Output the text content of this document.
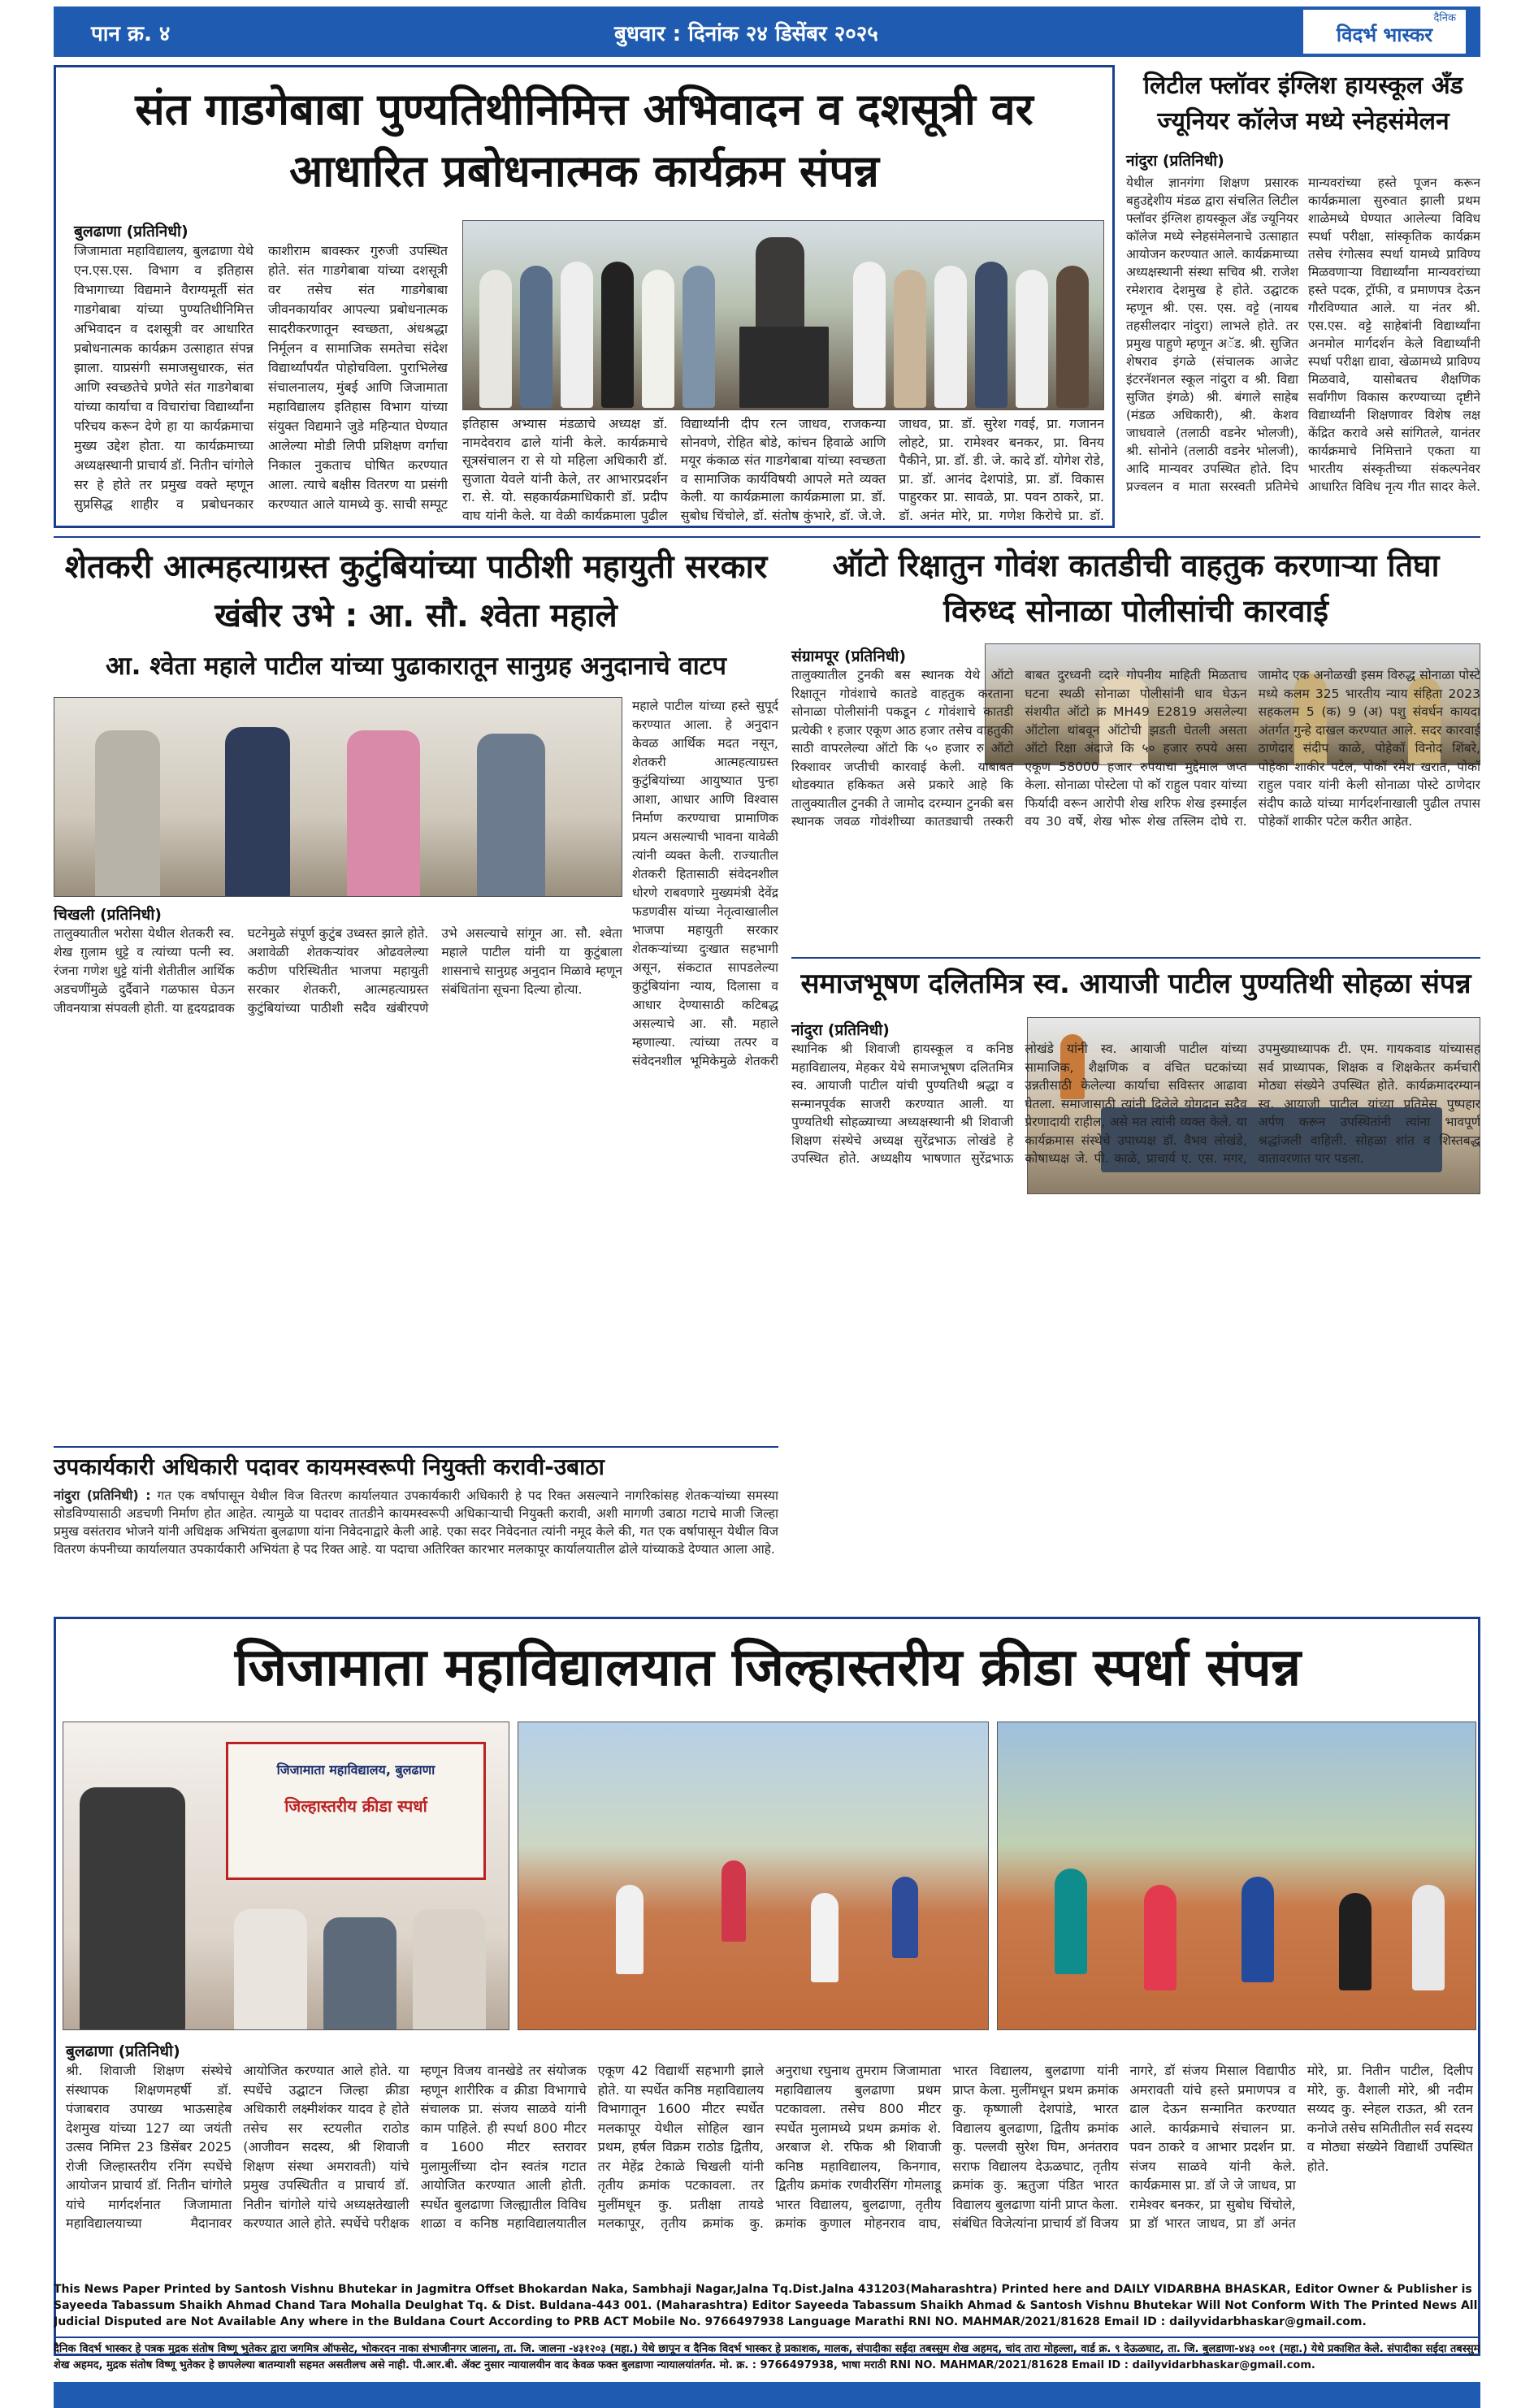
पान क्र. ४	बुधवार : दिनांक २४ डिसेंबर २०२५
दैनिक
विदर्भ भास्कर
संत गाडगेबाबा पुण्यतिथीनिमित्त अभिवादन व दशसूत्री वर आधारित प्रबोधनात्मक कार्यक्रम संपन्न
बुलढाणा (प्रतिनिधी)
जिजामाता महाविद्यालय, बुलढाणा येथे एन.एस.एस. विभाग व इतिहास विभागाच्या विद्यमाने वैराग्यमूर्ती संत गाडगेबाबा यांच्या पुण्यतिथीनिमित्त अभिवादन व दशसूत्री वर आधारित प्रबोधनात्मक कार्यक्रम उत्साहात संपन्न झाला. याप्रसंगी समाजसुधारक, संत आणि स्वच्छतेचे प्रणेते संत गाडगेबाबा यांच्या कार्याचा व विचारांचा विद्यार्थ्यांना परिचय करून देणे हा या कार्यक्रमाचा मुख्य उद्देश होता. या कार्यक्रमाच्या अध्यक्षस्थानी प्राचार्य डॉ. नितीन चांगोले सर हे होते तर प्रमुख वक्ते म्हणून सुप्रसिद्ध शाहीर व प्रबोधनकार काशीराम बावस्कर गुरुजी उपस्थित होते. संत गाडगेबाबा यांच्या दशसूत्री वर तसेच संत गाडगेबाबा जीवनकार्यावर आपल्या प्रबोधनात्मक सादरीकरणातून स्वच्छता, अंधश्रद्धा निर्मूलन व सामाजिक समतेचा संदेश विद्यार्थ्यांपर्यंत पोहोचविला. पुराभिलेख संचालनालय, मुंबई आणि जिजामाता महाविद्यालय इतिहास विभाग यांच्या संयुक्त विद्यमाने जुडे महिन्यात घेण्यात आलेल्या मोडी लिपी प्रशिक्षण वर्गाचा निकाल नुकताच घोषित करण्यात आला. त्याचे बक्षीस वितरण या प्रसंगी करण्यात आले यामध्ये कु. साची सम्पूट
इतिहास अभ्यास मंडळाचे अध्यक्ष डॉ. नामदेवराव ढाले यांनी केले. कार्यक्रमाचे सूत्रसंचालन रा से यो महिला अधिकारी डॉ. सुजाता येवले यांनी केले, तर आभारप्रदर्शन रा. से. यो. सहकार्यक्रमाधिकारी डॉ. प्रदीप वाघ यांनी केले. या वेळी कार्यक्रमाला पुढील विद्यार्थ्यांनी दीप रत्न जाधव, राजकन्या सोनवणे, रोहित बोडे, कांचन हिवाळे आणि मयूर कंकाळ संत गाडगेबाबा यांच्या स्वच्छता व सामाजिक कार्यविषयी आपले मते व्यक्त केली. या कार्यक्रमाला कार्यक्रमाला प्रा. डॉ. सुबोध चिंचोले, डॉ. संतोष कुंभारे, डॉ. जे.जे. जाधव, प्रा. डॉ. सुरेश गवई, प्रा. गजानन लोहटे, प्रा. रामेश्वर बनकर, प्रा. विनय पैकीने, प्रा. डॉ. डी. जे. कादे डॉ. योगेश रोडे, प्रा. डॉ. आनंद देशपांडे, प्रा. डॉ. विकास पाहुरकर प्रा. सावळे, प्रा. पवन ठाकरे, प्रा. डॉ. अनंत मोरे, प्रा. गणेश किरोचे प्रा. डॉ.
लिटील फ्लॉवर इंग्लिश हायस्कूल अँड ज्यूनियर कॉलेज मध्ये स्नेहसंमेलन
नांदुरा (प्रतिनिधी)
येथील ज्ञानगंगा शिक्षण प्रसारक बहुउद्देशीय मंडळ द्वारा संचलित लिटील फ्लॉवर इंग्लिश हायस्कूल अँड ज्यूनियर कॉलेज मध्ये स्नेहसंमेलनाचे उत्साहात आयोजन करण्यात आले. कार्यक्रमाच्या अध्यक्षस्थानी संस्था सचिव श्री. राजेश रमेशराव देशमुख हे होते. उद्घाटक म्हणून श्री. एस. एस. वट्टे (नायब तहसीलदार नांदुरा) लाभले होते. तर प्रमुख पाहुणे म्हणून अॅड. श्री. सुजित शेषराव इंगळे (संचालक आजेट इंटरनॅशनल स्कूल नांदुरा व श्री. विद्या सुजित इंगळे) श्री. बंगाले साहेब (मंडळ अधिकारी), श्री. केशव जाधवाले (तलाठी वडनेर भोलजी), श्री. सोनोने (तलाठी वडनेर भोलजी), आदि मान्यवर उपस्थित होते. दिप प्रज्वलन व माता सरस्वती प्रतिमेचे मान्यवरांच्या हस्ते पूजन करून कार्यक्रमाला सुरुवात झाली प्रथम शाळेमध्ये घेण्यात आलेल्या विविध स्पर्धा परीक्षा, सांस्कृतिक कार्यक्रम तसेच रंगोत्सव स्पर्धा यामध्ये प्राविण्य मिळवणाऱ्या विद्यार्थ्यांना मान्यवरांच्या हस्ते पदक, ट्रॉफी, व प्रमाणपत्र देऊन गौरविण्यात आले. या नंतर श्री. एस.एस. वट्टे साहेबांनी विद्यार्थ्यांना अनमोल मार्गदर्शन केले विद्यार्थ्यांनी स्पर्धा परीक्षा द्यावा, खेळामध्ये प्राविण्य मिळवावे, यासोबतच शैक्षणिक सर्वांगीण विकास करण्याच्या दृष्टीने विद्यार्थ्यांनी शिक्षणावर विशेष लक्ष केंद्रित करावे असे सांगितले, यानंतर कार्यक्रमाचे निमित्ताने एकता या भारतीय संस्कृतीच्या संकल्पनेवर आधारित विविध नृत्य गीत सादर केले.
शेतकरी आत्महत्याग्रस्त कुटुंबियांच्या पाठीशी महायुती सरकार खंबीर उभे : आ. सौ. श्वेता महाले
आ. श्वेता महाले पाटील यांच्या पुढाकारातून सानुग्रह अनुदानाचे वाटप
महाले पाटील यांच्या हस्ते सुपूर्द करण्यात आला. हे अनुदान केवळ आर्थिक मदत नसून, शेतकरी आत्महत्याग्रस्त कुटुंबियांच्या आयुष्यात पुन्हा आशा, आधार आणि विश्वास निर्माण करण्याचा प्रामाणिक प्रयत्न असल्याची भावना यावेळी त्यांनी व्यक्त केली. राज्यातील शेतकरी हितासाठी संवेदनशील धोरणे राबवणारे मुख्यमंत्री देवेंद्र फडणवीस यांच्या नेतृत्वाखालील भाजपा महायुती सरकार शेतकऱ्यांच्या दुःखात सहभागी असून, संकटात सापडलेल्या कुटुंबियांना न्याय, दिलासा व आधार देण्यासाठी कटिबद्ध असल्याचे आ. सौ. महाले म्हणाल्या. त्यांच्या तत्पर व संवेदनशील भूमिकेमुळे शेतकरी
चिखली (प्रतिनिधी)
तालुक्यातील भरोसा येथील शेतकरी स्व. शेख ग़ुलाम धुट्टे व त्यांच्या पत्नी स्व. रंजना गणेश धुट्टे यांनी शेतीतील आर्थिक अडचणींमुळे दुर्दैवाने गळफास घेऊन जीवनयात्रा संपवली होती. या हृदयद्रावक घटनेमुळे संपूर्ण कुटुंब उध्वस्त झाले होते. अशावेळी शेतकऱ्यांवर ओढवलेल्या कठीण परिस्थितीत भाजपा महायुती सरकार शेतकरी, आत्महत्याग्रस्त कुटुंबियांच्या पाठीशी सदैव खंबीरपणे उभे असल्याचे सांगून आ. सौ. श्वेता महाले पाटील यांनी या कुटुंबाला शासनाचे सानुग्रह अनुदान मिळावे म्हणून संबंधितांना सूचना दिल्या होत्या.
ऑटो रिक्षातुन गोवंश कातडीची वाहतुक करणाऱ्या तिघा विरुध्द सोनाळा पोलीसांची कारवाई
संग्रामपूर (प्रतिनिधी)
तालुक्यातील टुनकी बस स्थानक येथे ऑटो रिक्षातून गोवंशाचे कातडे वाहतुक करताना सोनाळा पोलीसांनी पकडून ८ गोवंशाचे कातडी प्रत्येकी १ हजार एकूण आठ हजार तसेच वाहतुकी साठी वापरलेल्या ऑटो कि ५० हजार रु ऑटो रिक्शावर जप्तीची कारवाई केली. याबाबत थोडक्यात हकिकत असे प्रकारे आहे कि तालुक्यातील टुनकी ते जामोद दरम्यान टुनकी बस स्थानक जवळ गोवंशीच्या कातड्याची तस्करी बाबत दुरध्वनी व्दारे गोपनीय माहिती मिळताच घटना स्थळी सोनाळा पोलीसांनी धाव घेऊन संशयीत ऑटो क्र MH49 E2819 असलेल्या ऑटोला थांबवून ऑटोची झडती घेतली असता ऑटो रिक्षा अंदाजे कि ५० हजार रुपये असा एकूण 58000 हजार रुपयाचा मुद्देमाल जप्त केला. सोनाळा पोस्टेला पो कॉ राहुल पवार यांच्या फिर्यादी वरून आरोपी शेख शरिफ शेख इस्माईल वय 30 वर्षे, शेख भोरू शेख तस्लिम दोघे रा. जामोद एक अनोळखी इसम विरुद्ध सोनाळा पोस्टे मध्ये कलम 325 भारतीय न्याय संहिता 2023 सहकलम 5 (क) 9 (अ) पशु संवर्धन कायदा अंतर्गत गुन्हे दाखल करण्यात आले. सदर कारवाई ठाणेदार संदीप काळे, पोहेकॉ विनोद शिंबरे, पोहेका शाकीर पटेल, पोकॉ रमेश खरात, पोकॉ राहुल पवार यांनी केली सोनाळा पोस्टे ठाणेदार संदीप काळे यांच्या मार्गदर्शनाखाली पुढील तपास पोहेकॉ शाकीर पटेल करीत आहेत.
समाजभूषण दलितमित्र स्व. आयाजी पाटील पुण्यतिथी सोहळा संपन्न
नांदुरा (प्रतिनिधी)
स्थानिक श्री शिवाजी हायस्कूल व कनिष्ठ महाविद्यालय, मेहकर येथे समाजभूषण दलितमित्र स्व. आयाजी पाटील यांची पुण्यतिथी श्रद्धा व सन्मानपूर्वक साजरी करण्यात आली. या पुण्यतिथी सोहळ्याच्या अध्यक्षस्थानी श्री शिवाजी शिक्षण संस्थेचे अध्यक्ष सुरेंद्रभाऊ लोखंडे हे उपस्थित होते. अध्यक्षीय भाषणात सुरेंद्रभाऊ लोखंडे यांनी स्व. आयाजी पाटील यांच्या सामाजिक, शैक्षणिक व वंचित घटकांच्या उन्नतीसाठी केलेल्या कार्याचा सविस्तर आढावा घेतला. समाजासाठी त्यांनी दिलेले योगदान सदैव प्रेरणादायी राहील, असे मत त्यांनी व्यक्त केले. या कार्यक्रमास संस्थेचे उपाध्यक्ष डॉ. वैभव लोखंडे, कोषाध्यक्ष जे. पी. काळे, प्राचार्य ए. एस. मगर, उपमुख्याध्यापक टी. एम. गायकवाड यांच्यासह सर्व प्राध्यापक, शिक्षक व शिक्षकेतर कर्मचारी मोठ्या संख्येने उपस्थित होते. कार्यक्रमादरम्यान स्व. आयाजी पाटील यांच्या प्रतिमेस पुष्पहार अर्पण करून उपस्थितांनी त्यांना भावपूर्ण श्रद्धांजली वाहिली. सोहळा शांत व शिस्तबद्ध वातावरणात पार पडला.
उपकार्यकारी अधिकारी पदावर कायमस्वरूपी नियुक्ती करावी-उबाठा
नांदुरा (प्रतिनिधी) : गत एक वर्षापासून येथील विज वितरण कार्यालयात उपकार्यकारी अधिकारी हे पद रिक्त असल्याने नागरिकांसह शेतकऱ्यांच्या समस्या सोडविण्यासाठी अडचणी निर्माण होत आहेत. त्यामुळे या पदावर तातडीने कायमस्वरूपी अधिकाऱ्याची नियुक्ती करावी, अशी मागणी उबाठा गटाचे माजी जिल्हा प्रमुख वसंतराव भोजने यांनी अधिक्षक अभियंता बुलढाणा यांना निवेदनाद्वारे केली आहे. एका सदर निवेदनात त्यांनी नमूद केले की, गत एक वर्षापासून येथील विज वितरण कंपनीच्या कार्यालयात उपकार्यकारी अभियंता हे पद रिक्त आहे. या पदाचा अतिरिक्त कारभार मलकापूर कार्यालयातील ढोले यांच्याकडे देण्यात आला आहे.
जिजामाता महाविद्यालयात जिल्हास्तरीय क्रीडा स्पर्धा संपन्न
जिजामाता महाविद्यालय, बुलढाणा
जिल्हास्तरीय क्रीडा स्पर्धा
बुलढाणा (प्रतिनिधी)
श्री. शिवाजी शिक्षण संस्थेचे संस्थापक शिक्षणमहर्षी डॉ. पंजाबराव उपाख्य भाऊसाहेब देशमुख यांच्या 127 व्या जयंती उत्सव निमित्त 23 डिसेंबर 2025 रोजी जिल्हास्तरीय रनिंग स्पर्धेचे आयोजन प्राचार्य डॉ. नितीन चांगोले यांचे मार्गदर्शनात जिजामाता महाविद्यालयाच्या मैदानावर आयोजित करण्यात आले होते. या स्पर्धेचे उद्घाटन जिल्हा क्रीडा अधिकारी लक्ष्मीशंकर यादव हे होते तसेच सर स्टयलीत राठोड (आजीवन सदस्य, श्री शिवाजी शिक्षण संस्था अमरावती) यांचे प्रमुख उपस्थितीत व प्राचार्य डॉ. नितीन चांगोले यांचे अध्यक्षतेखाली करण्यात आले होते. स्पर्धेचे परीक्षक म्हणून विजय वानखेडे तर संयोजक म्हणून शारीरिक व क्रीडा विभागाचे संचालक प्रा. संजय साळवे यांनी काम पाहिले. ही स्पर्धा 800 मीटर व 1600 मीटर स्तरावर मुलामुलींच्या दोन स्वतंत्र गटात आयोजित करण्यात आली होती. स्पर्धेत बुलढाणा जिल्ह्यातील विविध शाळा व कनिष्ठ महाविद्यालयातील एकूण 42 विद्यार्थी सहभागी झाले होते. या स्पर्धेत कनिष्ठ महाविद्यालय विभागातून 1600 मीटर स्पर्धेत मलकापूर येथील सोहिल खान प्रथम, हर्षल विक्रम राठोड द्वितीय, तर मेहेंद्र टेकाळे चिखली यांनी तृतीय क्रमांक पटकावला. तर मुलींमधून कु. प्रतीक्षा तायडे मलकापूर, तृतीय क्रमांक कु. अनुराधा रघुनाथ तुमराम जिजामाता महाविद्यालय बुलढाणा प्रथम पटकावला. तसेच 800 मीटर स्पर्धेत मुलामध्ये प्रथम क्रमांक शे. अरबाज शे. रफिक श्री शिवाजी कनिष्ठ महाविद्यालय, किनगाव, द्वितीय क्रमांक रणवीरसिंग गोमलाडू भारत विद्यालय, बुलढाणा, तृतीय क्रमांक कुणाल मोहनराव वाघ, भारत विद्यालय, बुलढाणा यांनी प्राप्त केला. मुलींमधून प्रथम क्रमांक कु. कृष्णाली देशपांडे, भारत विद्यालय बुलढाणा, द्वितीय क्रमांक कु. पल्लवी सुरेश घिम, अनंतराव सराफ विद्यालय देऊळघाट, तृतीय क्रमांक कु. ऋतुजा पंडित भारत विद्यालय बुलढाणा यांनी प्राप्त केला. संबंधित विजेत्यांना प्राचार्य डॉ विजय नागरे, डॉ संजय मिसाल विद्यापीठ अमरावती यांचे हस्ते प्रमाणपत्र व ढाल देऊन सन्मानित करण्यात आले. कार्यक्रमाचे संचालन प्रा. पवन ठाकरे व आभार प्रदर्शन प्रा. संजय साळवे यांनी केले. कार्यक्रमास प्रा. डॉ जे जे जाधव, प्रा रामेश्वर बनकर, प्रा सुबोध चिंचोले, प्रा डॉ भारत जाधव, प्रा डॉ अनंत मोरे, प्रा. नितीन पाटील, दिलीप मोरे, कु. वैशाली मोरे, श्री नदीम सय्यद कु. स्नेहल राऊत, श्री रतन कनोजे तसेच समितीतील सर्व सदस्य व मोठ्या संख्येने विद्यार्थी उपस्थित होते.
This News Paper Printed by Santosh Vishnu Bhutekar in Jagmitra Offset Bhokardan Naka, Sambhaji Nagar,Jalna Tq.Dist.Jalna 431203(Maharashtra) Printed here and DAILY VIDARBHA BHASKAR, Editor Owner & Publisher is Sayeeda Tabassum Shaikh Ahmad Chand Tara Mohalla Deulghat Tq. & Dist. Buldana-443 001. (Maharashtra) Editor Sayeeda Tabassum Shaikh Ahmad & Santosh Vishnu Bhutekar Will Not Conform With The Printed News All Judicial Disputed are Not Available Any where in the Buldana Court According to PRB ACT Mobile No. 9766497938 Language Marathi RNI NO. MAHMAR/2021/81628 Email ID : dailyvidarbhaskar@gmail.com.
दैनिक विदर्भ भास्कर हे पत्रक मुद्रक संतोष विष्णू भुतेकर द्वारा जगमित्र ऑफसेट, भोकरदन नाका संभाजीनगर जालना, ता. जि. जालना -४३१२०३ (महा.) येथे छापून व दैनिक विदर्भ भास्कर हे प्रकाशक, मालक, संपादीका सईदा तबस्सुम शेख अहमद, चांद तारा मोहल्ला, वार्ड क्र. ९ देऊळघाट, ता. जि. बुलडाणा-४४३ ००१ (महा.) येथे प्रकाशित केले. संपादीका सईदा तबस्सुम शेख अहमद, मुद्रक संतोष विष्णू भुतेकर हे छापलेल्या बातम्याशी सहमत असतीलच असे नाही. पी.आर.बी. ॲक्ट नुसार न्यायालयीन वाद केवळ फक्त बुलडाणा न्यायालयांतर्गत. मो. क्र. : 9766497938, भाषा मराठी RNI NO. MAHMAR/2021/81628 Email ID : dailyvidarbhaskar@gmail.com.
